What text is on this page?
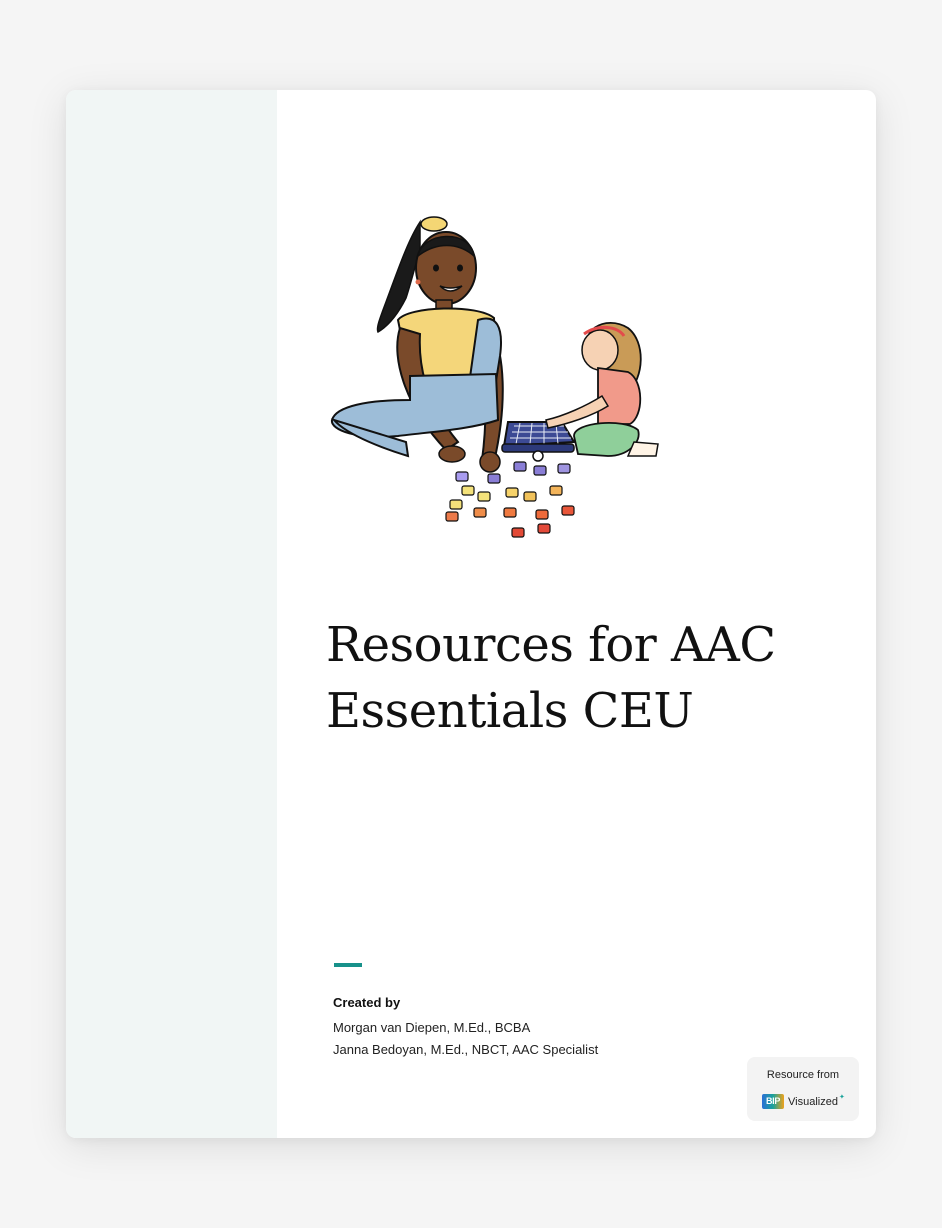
Resources for AAC
Essentials CEU
Created by
Morgan van Diepen, M.Ed., BCBA
Janna Bedoyan, M.Ed., NBCT, AAC Specialist
Resource from
BIP Visualized ✦
